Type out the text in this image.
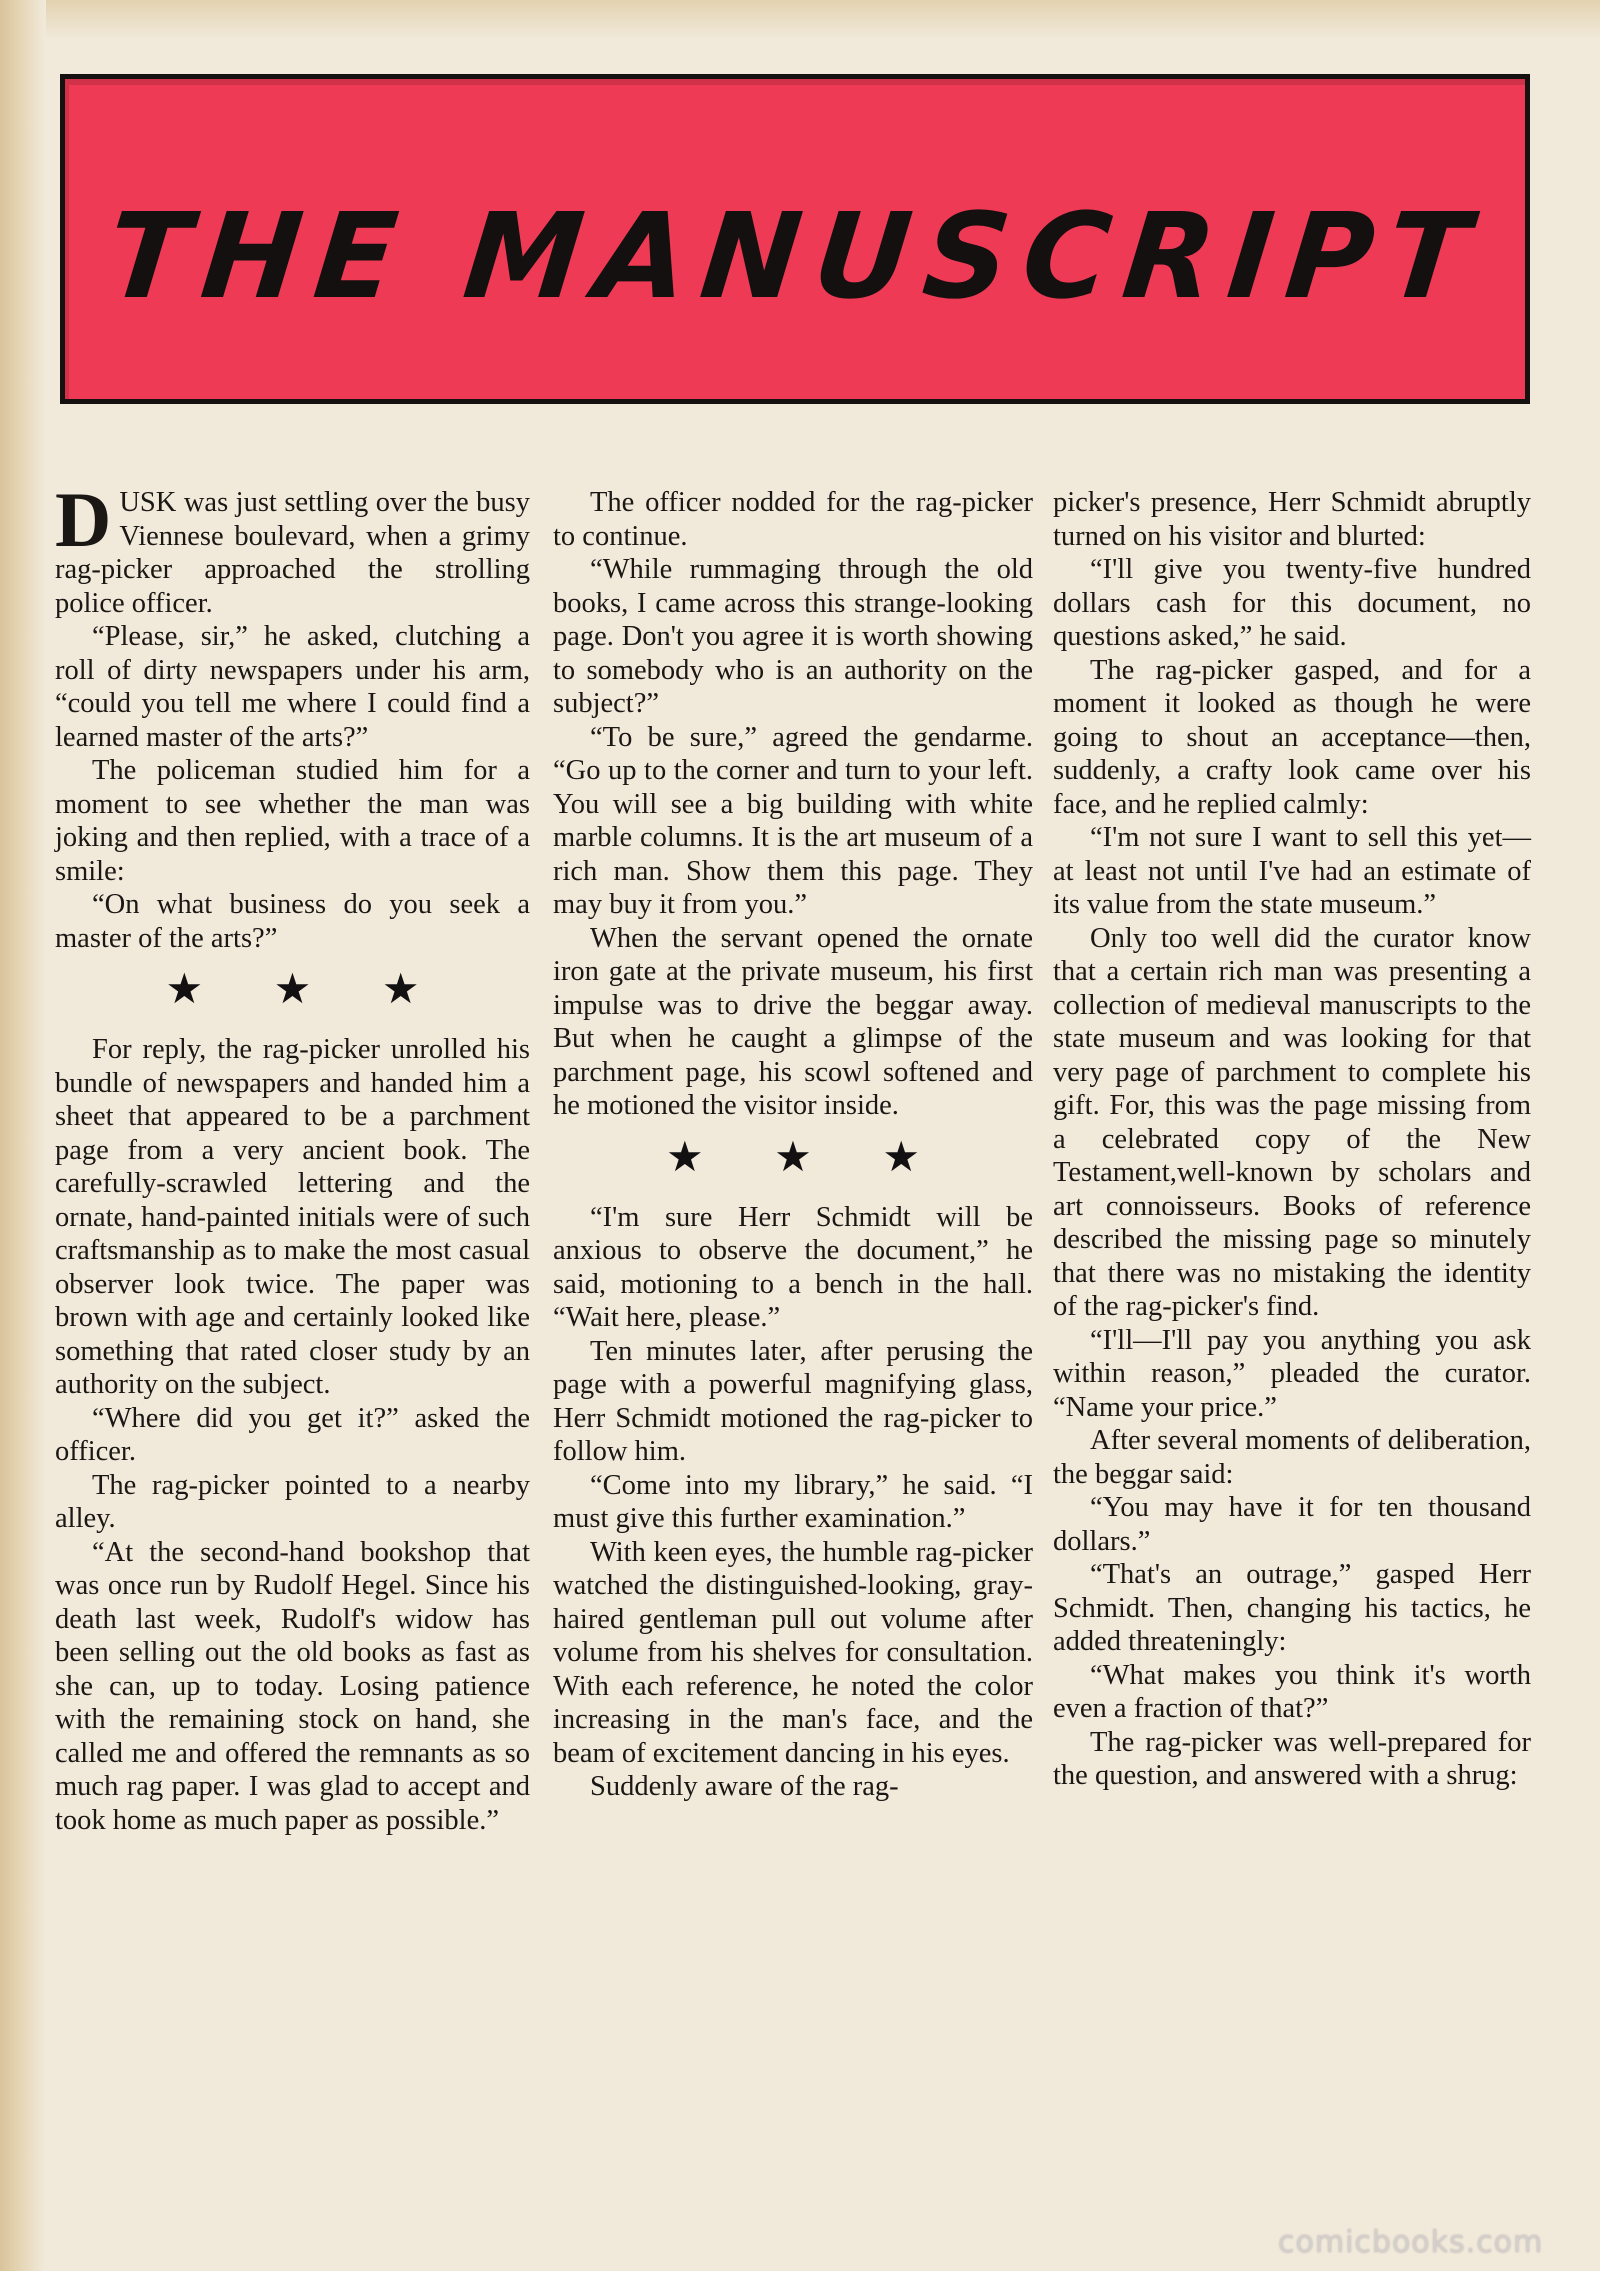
THE MANUSCRIPT

DUSK was just settling over the busy Viennese boulevard, when a grimy rag-picker approached the strolling police officer.

“Please, sir,” he asked, clutching a roll of dirty newspapers under his arm, “could you tell me where I could find a learned master of the arts?”

The policeman studied him for a moment to see whether the man was joking and then replied, with a trace of a smile:

“On what business do you seek a master of the arts?”

★ ★ ★

For reply, the rag-picker unrolled his bundle of newspapers and handed him a sheet that appeared to be a parchment page from a very ancient book. The carefully-scrawled lettering and the ornate, hand-painted initials were of such craftsmanship as to make the most casual observer look twice. The paper was brown with age and certainly looked like something that rated closer study by an authority on the subject.

“Where did you get it?” asked the officer.

The rag-picker pointed to a nearby alley.

“At the second-hand bookshop that was once run by Rudolf Hegel. Since his death last week, Rudolf's widow has been selling out the old books as fast as she can, up to today. Losing patience with the remaining stock on hand, she called me and offered the remnants as so much rag paper. I was glad to accept and took home as much paper as possible.”

The officer nodded for the rag-picker to continue.

“While rummaging through the old books, I came across this strange-looking page. Don't you agree it is worth showing to somebody who is an authority on the subject?”

“To be sure,” agreed the gendarme. “Go up to the corner and turn to your left. You will see a big building with white marble columns. It is the art museum of a rich man. Show them this page. They may buy it from you.”

When the servant opened the ornate iron gate at the private museum, his first impulse was to drive the beggar away. But when he caught a glimpse of the parchment page, his scowl softened and he motioned the visitor inside.

★ ★ ★

“I'm sure Herr Schmidt will be anxious to observe the document,” he said, motioning to a bench in the hall. “Wait here, please.”

Ten minutes later, after perusing the page with a powerful magnifying glass, Herr Schmidt motioned the rag-picker to follow him.

“Come into my library,” he said. “I must give this further examination.”

With keen eyes, the humble rag-picker watched the distinguished-looking, gray-haired gentleman pull out volume after volume from his shelves for consultation. With each reference, he noted the color increasing in the man's face, and the beam of excitement dancing in his eyes.

Suddenly aware of the rag-

picker's presence, Herr Schmidt abruptly turned on his visitor and blurted:

“I'll give you twenty-five hundred dollars cash for this document, no questions asked,” he said.

The rag-picker gasped, and for a moment it looked as though he were going to shout an acceptance—then, suddenly, a crafty look came over his face, and he replied calmly:

“I'm not sure I want to sell this yet—at least not until I've had an estimate of its value from the state museum.”

Only too well did the curator know that a certain rich man was presenting a collection of medieval manuscripts to the state museum and was looking for that very page of parchment to complete his gift. For, this was the page missing from a celebrated copy of the New Testament,well-known by scholars and art connoisseurs. Books of reference described the missing page so minutely that there was no mistaking the identity of the rag-picker's find.

“I'll—I'll pay you anything you ask within reason,” pleaded the curator. “Name your price.”

After several moments of deliberation, the beggar said:

“You may have it for ten thousand dollars.”

“That's an outrage,” gasped Herr Schmidt. Then, changing his tactics, he added threateningly:

“What makes you think it's worth even a fraction of that?”

The rag-picker was well-prepared for the question, and answered with a shrug:

comicbooks.com
